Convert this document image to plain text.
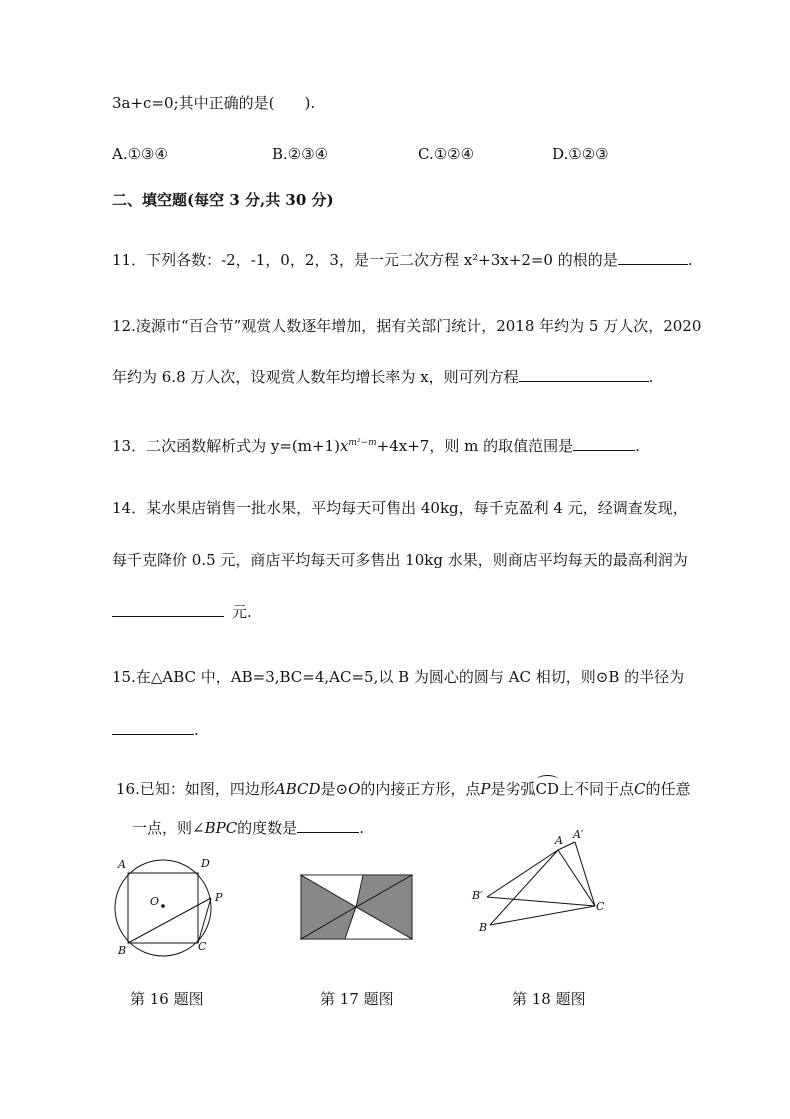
3a+c=0;其中正确的是(　　).
A.①③④	B.②③④	C.①②④	D.①②③
二、填空题(每空 3 分,共 30 分)
11．下列各数：-2，-1，0，2，3，是一元二次方程 x²+3x+2=0 的根的是	.
12.凌源市“百合节”观赏人数逐年增加，据有关部门统计，2018 年约为 5 万人次，2020
年约为 6.8 万人次，设观赏人数年均增长率为 x，则可列方程	.
13．二次函数解析式为 $y=(m+1)x^{m^2-m}+4x+7$，则 m 的取值范围是	.
14．某水果店销售一批水果，平均每天可售出 40kg，每千克盈利 4 元，经调查发现，
每千克降价 0.5 元，商店平均每天可多售出 10kg 水果，则商店平均每天的最高利润为
元.
15.在△ABC 中，AB=3,BC=4,AC=5,以 B 为圆心的圆与 AC 相切，则⊙B 的半径为
.
16.已知：如图，四边形ABCD是⊙O的内接正方形，点P是劣弧CD上不同于点C的任意
一点，则∠BPC的度数是	.
A	D
O	P
B	C
A A′
B′
B
C
第 16 题图	第 17 题图	第 18 题图
